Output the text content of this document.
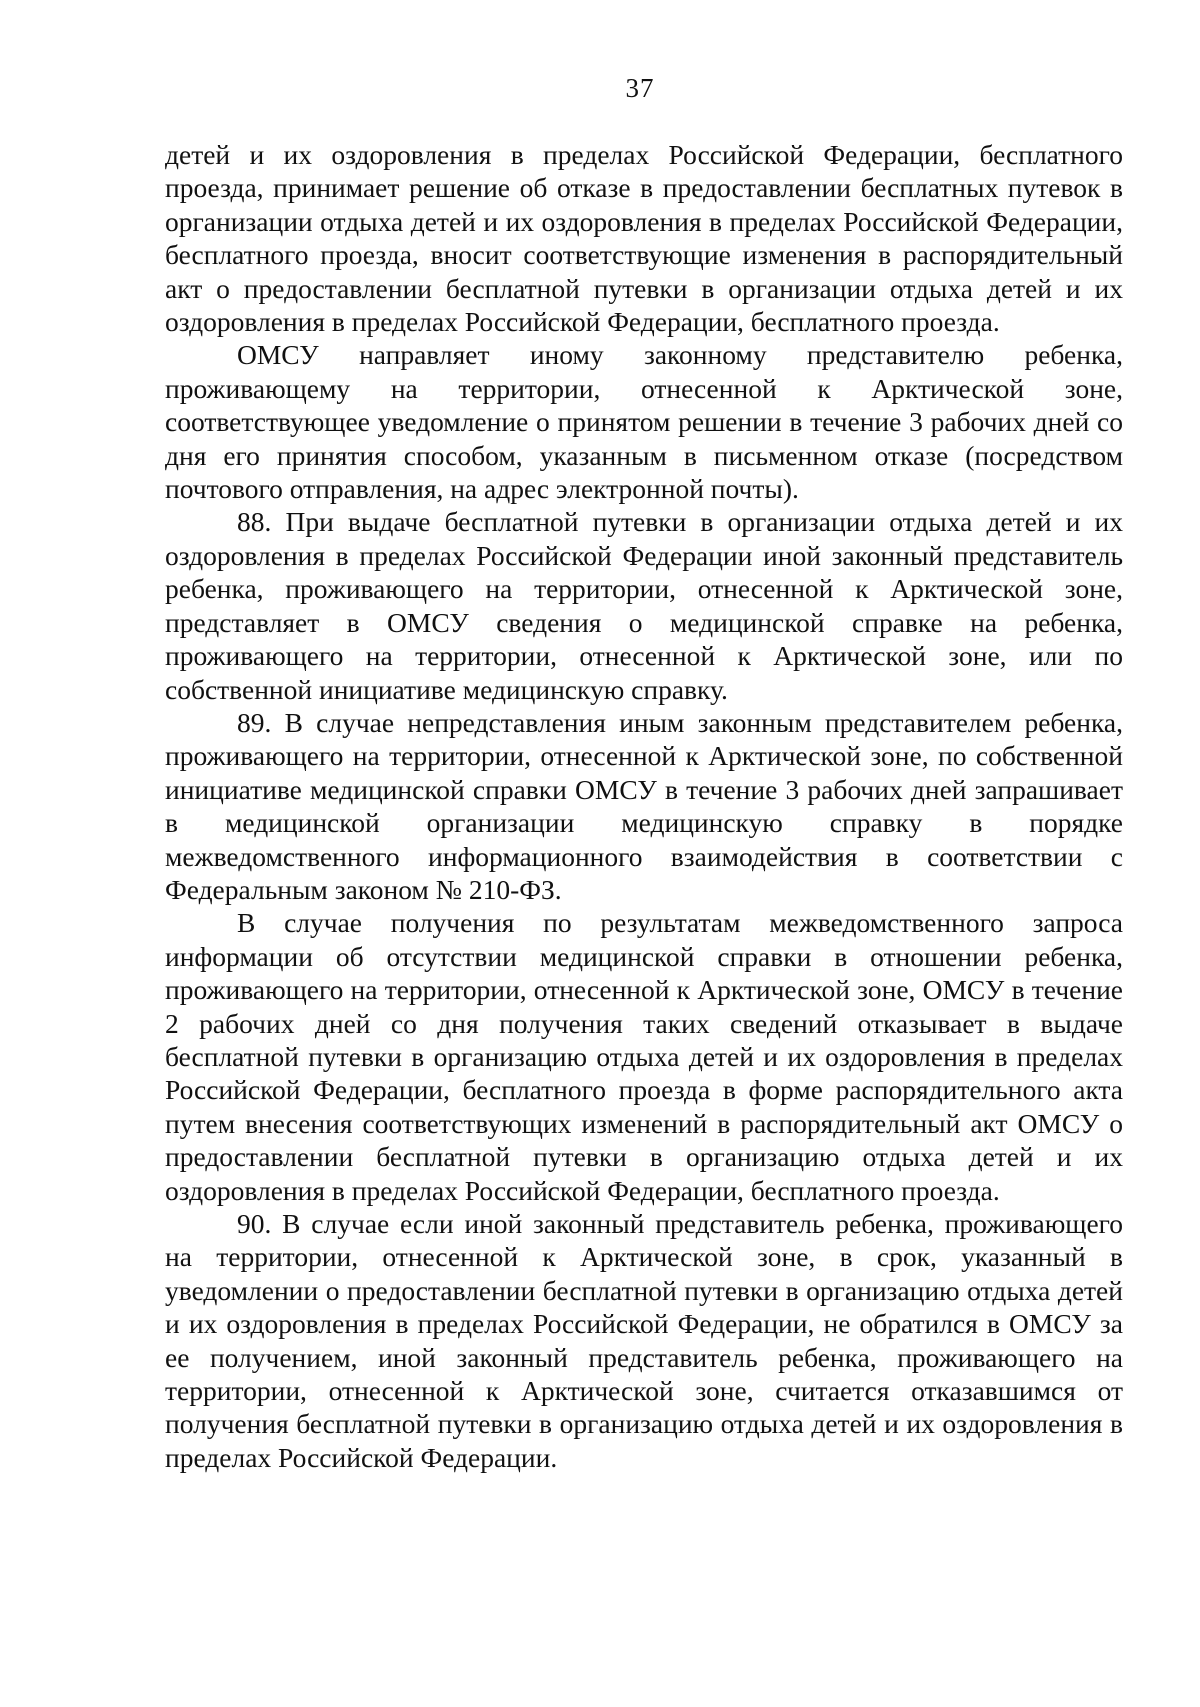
37

детей и их оздоровления в пределах Российской Федерации, бесплатного проезда, принимает решение об отказе в предоставлении бесплатных путевок в организации отдыха детей и их оздоровления в пределах Российской Федерации, бесплатного проезда, вносит соответствующие изменения в распорядительный акт о предоставлении бесплатной путевки в организации отдыха детей и их оздоровления в пределах Российской Федерации, бесплатного проезда.

ОМСУ направляет иному законному представителю ребенка, проживающему на территории, отнесенной к Арктической зоне, соответствующее уведомление о принятом решении в течение 3 рабочих дней со дня его принятия способом, указанным в письменном отказе (посредством почтового отправления, на адрес электронной почты).

88. При выдаче бесплатной путевки в организации отдыха детей и их оздоровления в пределах Российской Федерации иной законный представитель ребенка, проживающего на территории, отнесенной к Арктической зоне, представляет в ОМСУ сведения о медицинской справке на ребенка, проживающего на территории, отнесенной к Арктической зоне, или по собственной инициативе медицинскую справку.

89. В случае непредставления иным законным представителем ребенка, проживающего на территории, отнесенной к Арктической зоне, по собственной инициативе медицинской справки ОМСУ в течение 3 рабочих дней запрашивает в медицинской организации медицинскую справку в порядке межведомственного информационного взаимодействия в соответствии с Федеральным законом № 210-ФЗ.

В случае получения по результатам межведомственного запроса информации об отсутствии медицинской справки в отношении ребенка, проживающего на территории, отнесенной к Арктической зоне, ОМСУ в течение 2 рабочих дней со дня получения таких сведений отказывает в выдаче бесплатной путевки в организацию отдыха детей и их оздоровления в пределах Российской Федерации, бесплатного проезда в форме распорядительного акта путем внесения соответствующих изменений в распорядительный акт ОМСУ о предоставлении бесплатной путевки в организацию отдыха детей и их оздоровления в пределах Российской Федерации, бесплатного проезда.

90. В случае если иной законный представитель ребенка, проживающего на территории, отнесенной к Арктической зоне, в срок, указанный в уведомлении о предоставлении бесплатной путевки в организацию отдыха детей и их оздоровления в пределах Российской Федерации, не обратился в ОМСУ за ее получением, иной законный представитель ребенка, проживающего на территории, отнесенной к Арктической зоне, считается отказавшимся от получения бесплатной путевки в организацию отдыха детей и их оздоровления в пределах Российской Федерации.
